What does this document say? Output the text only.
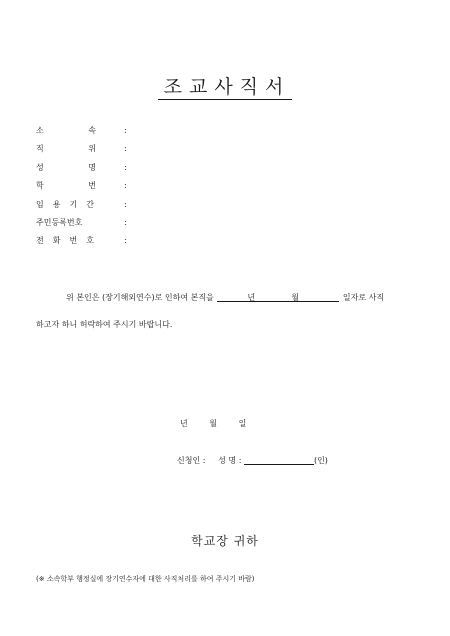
조교사직서
소	속	:
직	위	:
성	명	:
학	번	:
임 용 기 간	:
주민등록번호	:
전 화 번 호	:
위 본인은 (장기해외연수)로 인하여 본직을	년	월	일자로 사직
하고자 하니 허락하여 주시기 바랍니다.
년	월	일
신청인 : 성 명 :	(인)
학교장 귀하
(※ 소속학부 행정실에 장기연수자에 대한 사직처리를 하여 주시기 바람)
